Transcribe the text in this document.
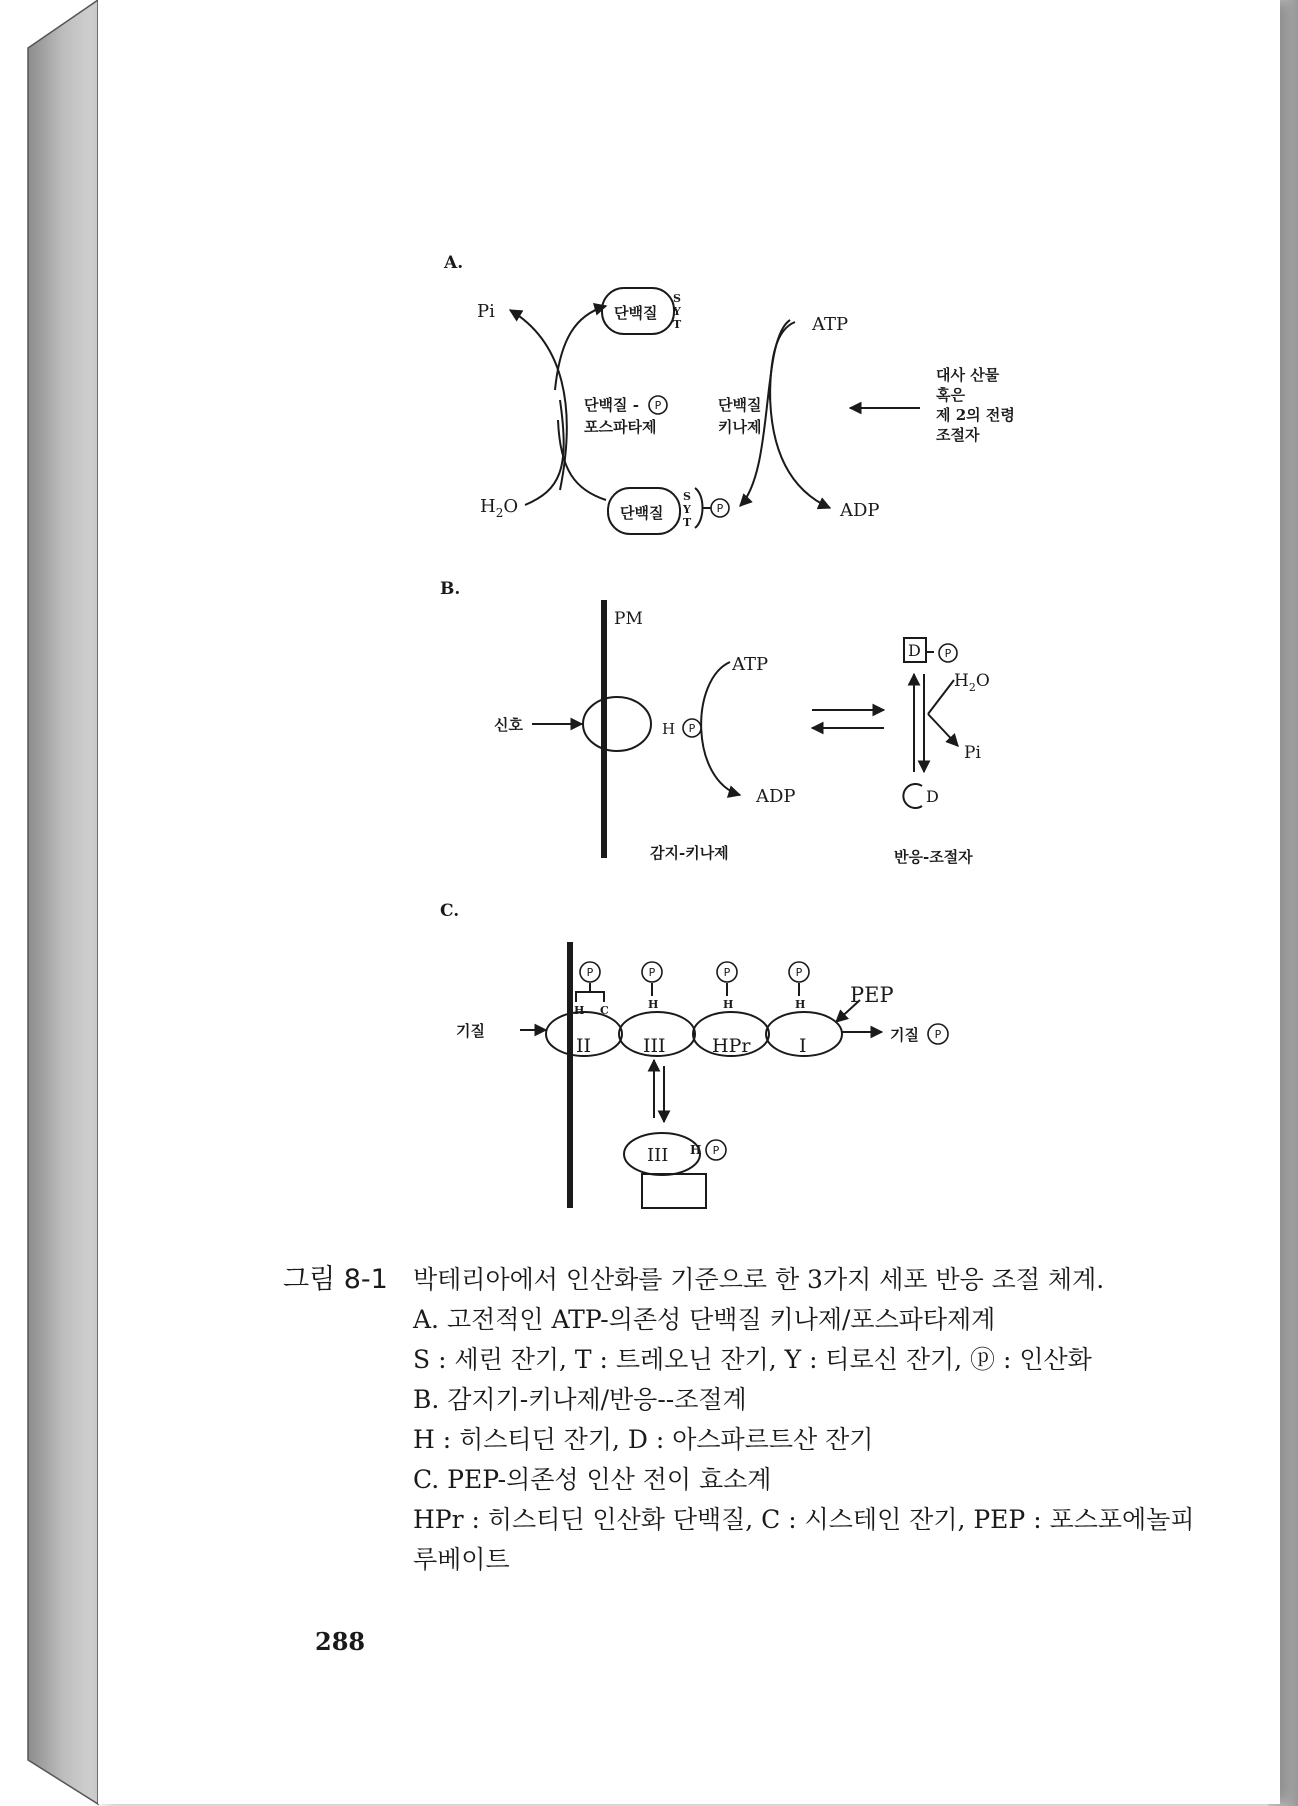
A.
Pi
$H_2O$
단백질
단백질
S
Y
T
S
Y
T
단백질 -
포스파타제
단백질
키나제
ATP
ADP
대사 산물
혹은
제 2의 전령
조절자
B.
PM
신호	H
ATP
ADP
감지-키나제	반응-조절자
D
D
$H_2O$
Pi
C.
기질	기질
PEP
II	III HPr	I
H C	H	H	H
III H
P
P
P
P
P	P	P	P
P
P
그림 8-1 박테리아에서 인산화를 기준으로 한 3가지 세포 반응 조절 체계.
A. 고전적인 ATP-의존성 단백질 키나제/포스파타제계
S : 세린 잔기, T : 트레오닌 잔기, Y : 티로신 잔기, ⓟ : 인산화
B. 감지기-키나제/반응--조절계
H : 히스티딘 잔기, D : 아스파르트산 잔기
C. PEP-의존성 인산 전이 효소계
HPr : 히스티딘 인산화 단백질, C : 시스테인 잔기, PEP : 포스포에놀피
루베이트
288
